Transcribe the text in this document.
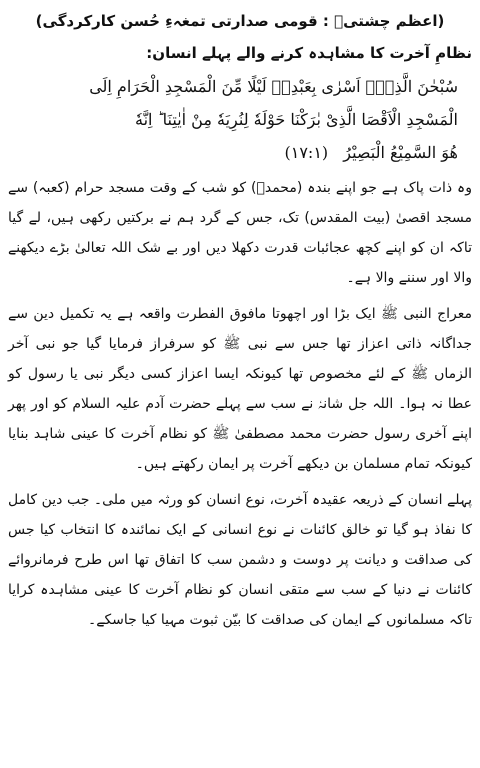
(اعظم چشتیؒ : قومی صدارتی تمغہءِ حُسن کارکردگی)
نظامِ آخرت کا مشاہدہ کرنے والے پہلے انسان:
سُبْحٰنَ الَّذِیْۤ اَسْرٰی بِعَبْدِهٖ لَیْلًا مِّنَ الْمَسْجِدِ الْحَرَامِ اِلَی
الْمَسْجِدِ الْاَقْصَا الَّذِیْ بٰرَكْنَا حَوْلَهٗ لِنُرِیَهٗ مِنْ اٰیٰتِنَا ؕ اِنَّهٗ
هُوَ السَّمِیْعُ الْبَصِیْرُ (۱۷:۱)

وہ ذات پاک ہے جو اپنے بندہ (محمدؐ) کو شب کے وقت مسجد حرام (کعبہ) سے مسجد اقصیٰ (بیت المقدس) تک، جس کے گرد ہم نے برکتیں رکھی ہیں، لے گیا تاکہ ان کو اپنے کچھ عجائبات قدرت دکھلا دیں اور بے شک اللہ تعالیٰ بڑے دیکھنے والا اور سننے والا ہے۔

معراج النبی ﷺ ایک بڑا اور اچھوتا مافوق الفطرت واقعہ ہے یہ تکمیل دین سے جداگانہ ذاتی اعزاز تھا جس سے نبی ﷺ کو سرفراز فرمایا گیا جو نبی آخر الزماں ﷺ کے لئے مخصوص تھا کیونکہ ایسا اعزاز کسی دیگر نبی یا رسول کو عطا نہ ہوا۔ اللہ جل شانہٗ نے سب سے پہلے حضرت آدم علیہ السلام کو اور پھر اپنے آخری رسول حضرت محمد مصطفیٰ ﷺ کو نظام آخرت کا عینی شاہد بنایا کیونکہ تمام مسلمان بن دیکھے آخرت پر ایمان رکھتے ہیں۔

پہلے انسان کے ذریعہ عقیدہ آخرت، نوع انسان کو ورثہ میں ملی۔ جب دین کامل کا نفاذ ہو گیا تو خالق کائنات نے نوع انسانی کے ایک نمائندہ کا انتخاب کیا جس کی صداقت و دیانت پر دوست و دشمن سب کا اتفاق تھا اس طرح فرمانروائے کائنات نے دنیا کے سب سے متقی انسان کو نظام آخرت کا عینی مشاہدہ کرایا تاکہ مسلمانوں کے ایمان کی صداقت کا بیّن ثبوت مہیا کیا جاسکے۔
